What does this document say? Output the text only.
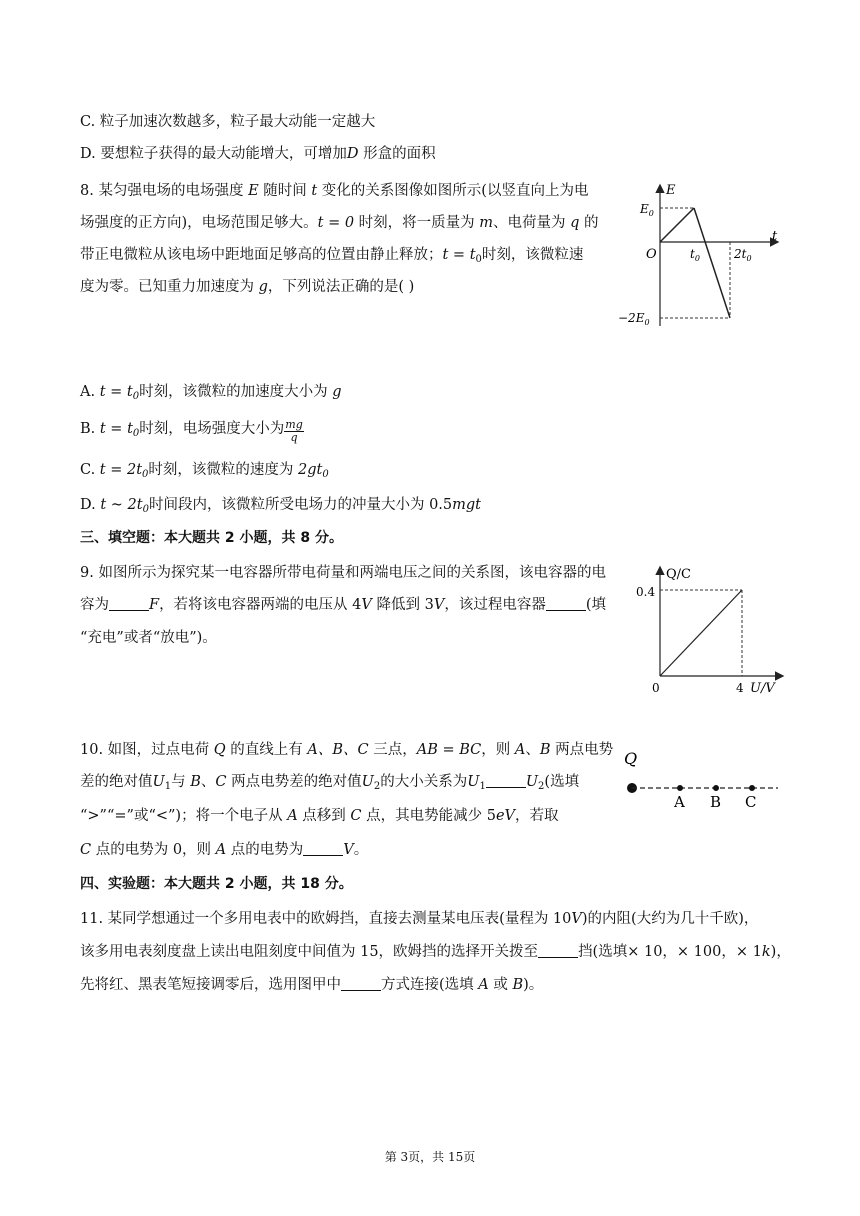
C. 粒子加速次数越多，粒子最大动能一定越大
D. 要想粒子获得的最大动能增大，可增加D 形盒的面积
8. 某匀强电场的电场强度 E 随时间 t 变化的关系图像如图所示(以竖直向上为电
场强度的正方向)，电场范围足够大。t = 0 时刻，将一质量为 m、电荷量为 q 的
带正电微粒从该电场中距地面足够高的位置由静止释放；$t = t_0$时刻，该微粒速
度为零。已知重力加速度为 g，下列说法正确的是( )
E
t
$E_0$
O	$t_0$	$2t_0$
$-2E_0$
A. $t = t_0$时刻，该微粒的加速度大小为 g
B. $t = t_0$时刻，电场强度大小为 $\frac{mg}{q}$
C. $t = 2t_0$时刻，该微粒的速度为 $2gt_0$
D. t ~ $2t_0$时间段内，该微粒所受电场力的冲量大小为 0.5mgt
三、填空题：本大题共 2 小题，共 8 分。
9. 如图所示为探究某一电容器所带电荷量和两端电压之间的关系图，该电容器的电
容为	F，若将该电容器两端的电压从 4V 降低到 3V，该过程电容器	(填
“充电”或者“放电”)。
Q/C
U/V
0.4
0	4
10. 如图，过点电荷 Q 的直线上有 A、B、C 三点，AB = BC，则 A、B 两点电势
差的绝对值$U_1$与 B、C 两点电势差的绝对值$U_2$的大小关系为$U_1$	$U_2$(选填
“>”“=”或“<”)；将一个电子从 A 点移到 C 点，其电势能减少 5eV，若取
C 点的电势为 0，则 A 点的电势为	V。
Q
A B C
四、实验题：本大题共 2 小题，共 18 分。
11. 某同学想通过一个多用电表中的欧姆挡，直接去测量某电压表(量程为 10V)的内阻(大约为几十千欧)，
该多用电表刻度盘上读出电阻刻度中间值为 15，欧姆挡的选择开关拨至	挡(选填× 10，× 100，× 1k)，
先将红、黑表笔短接调零后，选用图甲中	方式连接(选填 A 或 B)。
第 3页，共 15页
